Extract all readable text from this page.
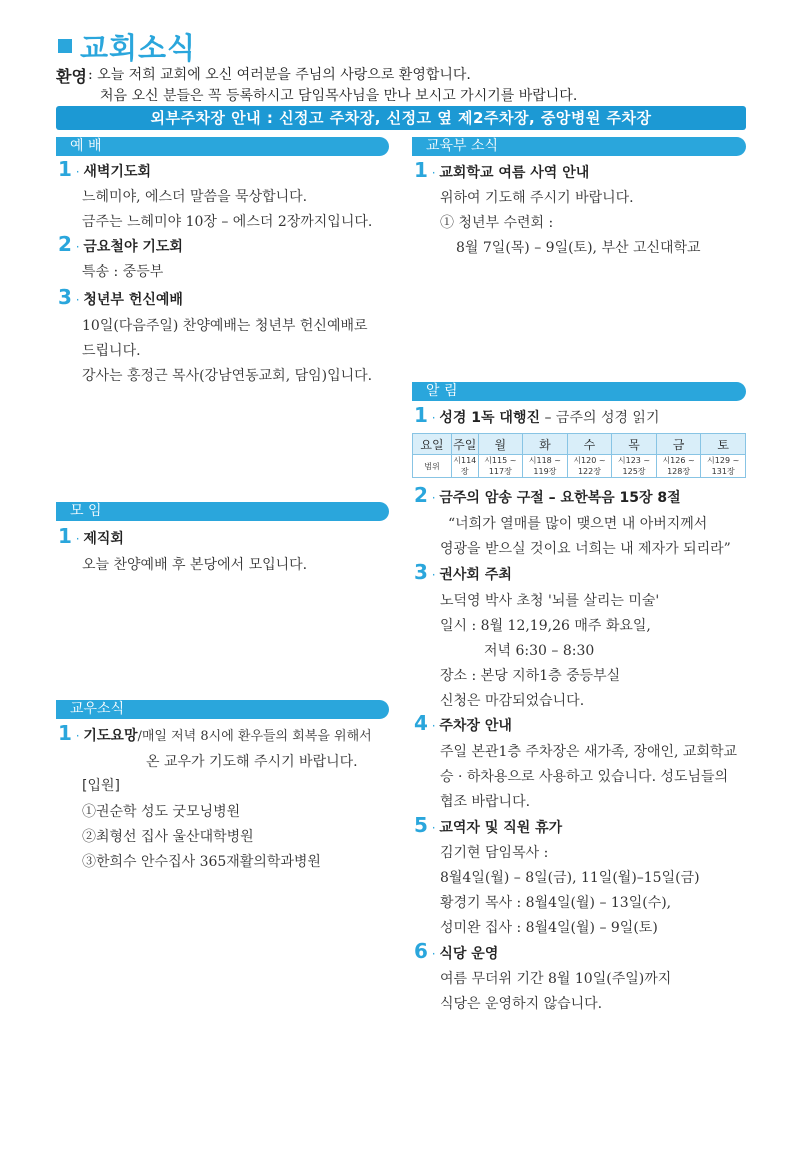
교회소식
환영 : 오늘 저희 교회에 오신 여러분을 주님의 사랑으로 환영합니다.
처음 오신 분들은 꼭 등록하시고 담임목사님을 만나 보시고 가시기를 바랍니다.
외부주차장 안내 : 신정고 주차장, 신정고 옆 제2주차장, 중앙병원 주차장
예 배
1 · 새벽기도회
느헤미야, 에스더 말씀을 묵상합니다.
금주는 느헤미야 10장 – 에스더 2장까지입니다.
2 · 금요철야 기도회
특송 : 중등부
3 · 청년부 헌신예배
10일(다음주일) 찬양예배는 청년부 헌신예배로
드립니다.
강사는 홍정근 목사(강남연동교회, 담임)입니다.
모 임
1 · 제직회
오늘 찬양예배 후 본당에서 모입니다.
교우소식
1 · 기도요망/매일 저녁 8시에 환우들의 회복을 위해서
온 교우가 기도해 주시기 바랍니다.
[입원]
①권순학 성도 굿모닝병원
②최형선 집사 울산대학병원
③한희수 안수집사 365재활의학과병원
교육부 소식
1 · 교회학교 여름 사역 안내
위하여 기도해 주시기 바랍니다.
① 청년부 수련회 :
8월 7일(목) – 9일(토), 부산 고신대학교
알 림
1 · 성경 1독 대행진 – 금주의 성경 읽기
요일	주일	월	화	수	목	금	토
범위	시114장	시115 ~ 117장	시118 ~ 119장	시120 ~ 122장	시123 ~ 125장	시126 ~ 128장	시129 ~ 131장
2 · 금주의 암송 구절 – 요한복음 15장 8절
“너희가 열매를 많이 맺으면 내 아버지께서
영광을 받으실 것이요 너희는 내 제자가 되리라”
3 · 권사회 주최
노덕영 박사 초청 '뇌를 살리는 미술'
일시 : 8월 12,19,26 매주 화요일,
저녁 6:30 – 8:30
장소 : 본당 지하1층 중등부실
신청은 마감되었습니다.
4 · 주차장 안내
주일 본관1층 주차장은 새가족, 장애인, 교회학교
승 · 하차용으로 사용하고 있습니다. 성도님들의
협조 바랍니다.
5 · 교역자 및 직원 휴가
김기현 담임목사 :
8월4일(월) – 8일(금), 11일(월)–15일(금)
황경기 목사 : 8월4일(월) – 13일(수),
성미완 집사 : 8월4일(월) – 9일(토)
6 · 식당 운영
여름 무더위 기간 8월 10일(주일)까지
식당은 운영하지 않습니다.
